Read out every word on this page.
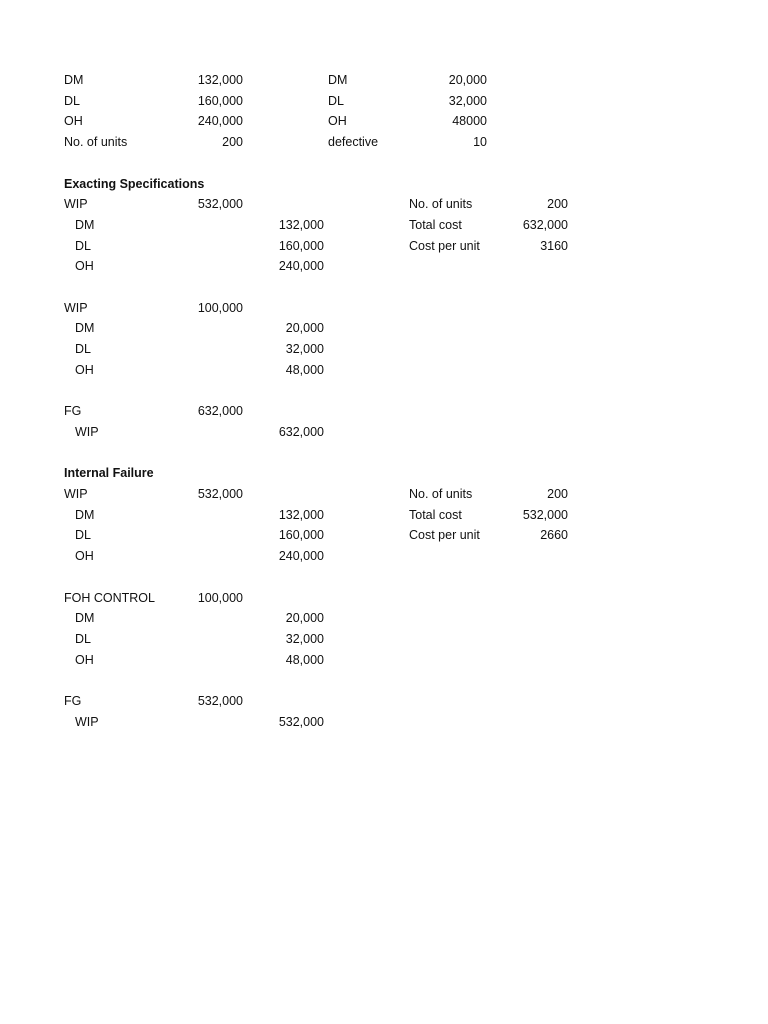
DM	132,000	DM	20,000
DL	160,000	DL	32,000
OH	240,000	OH	48000
No. of units	200	defective	10
Exacting Specifications
WIP	532,000	No. of units	200
DM	132,000	Total cost	632,000
DL	160,000	Cost per unit	3160
OH	240,000
WIP	100,000
DM	20,000
DL	32,000
OH	48,000
FG	632,000
WIP	632,000
Internal Failure
WIP	532,000	No. of units	200
DM	132,000	Total cost	532,000
DL	160,000	Cost per unit	2660
OH	240,000
FOH CONTROL	100,000
DM	20,000
DL	32,000
OH	48,000
FG	532,000
WIP	532,000
